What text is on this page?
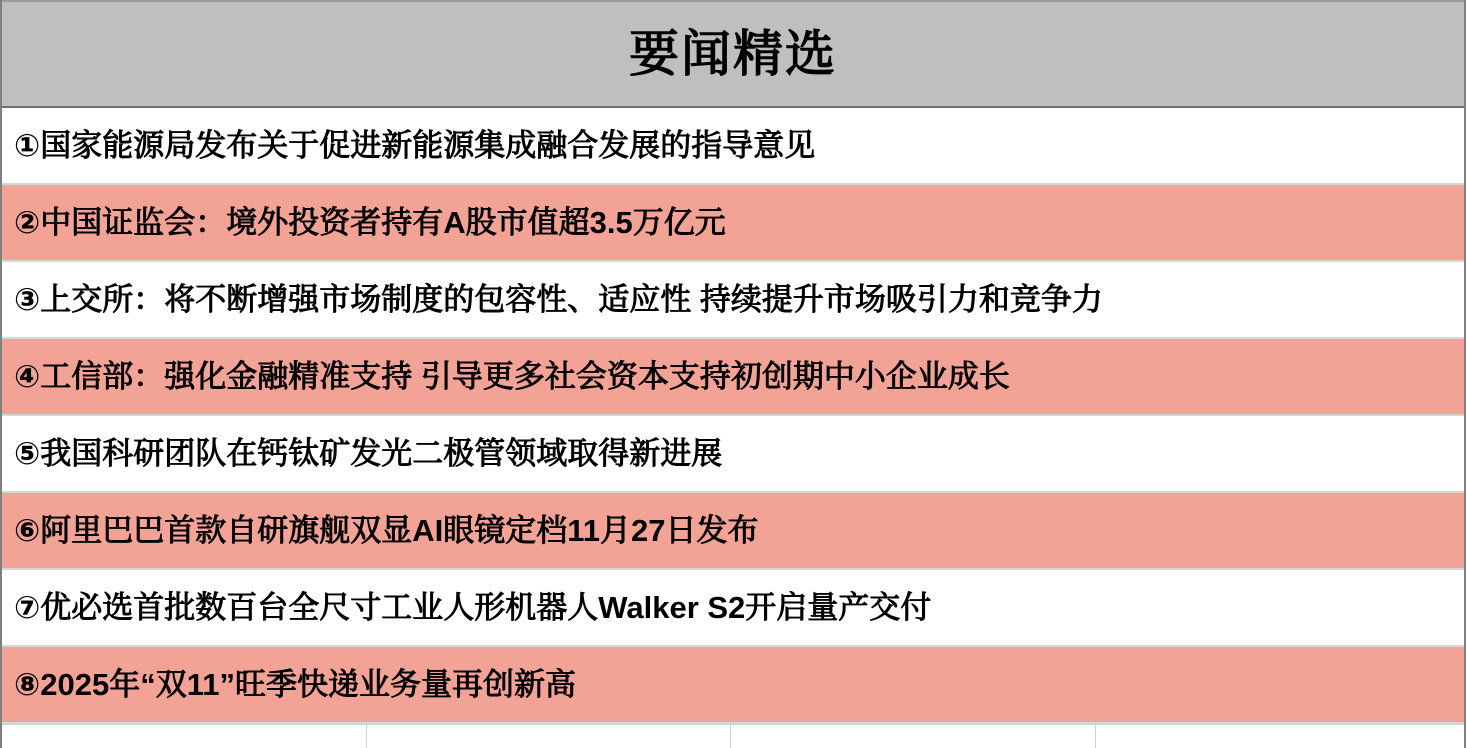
要闻精选
①国家能源局发布关于促进新能源集成融合发展的指导意见
②中国证监会：境外投资者持有A股市值超3.5万亿元
③上交所：将不断增强市场制度的包容性、适应性 持续提升市场吸引力和竞争力
④工信部：强化金融精准支持 引导更多社会资本支持初创期中小企业成长
⑤我国科研团队在钙钛矿发光二极管领域取得新进展
⑥阿里巴巴首款自研旗舰双显AI眼镜定档11月27日发布
⑦优必选首批数百台全尺寸工业人形机器人Walker S2开启量产交付
⑧2025年“双11”旺季快递业务量再创新高
